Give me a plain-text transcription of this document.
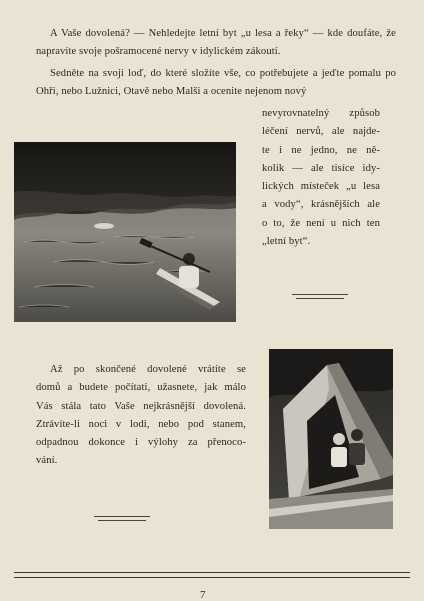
A Vaše dovolená? — Nehledejte letní byt „u lesa a řeky“ — kde doufáte, že napravíte svoje pošramocené nervy v idylickém zákoutí.
Sedněte na svoji loď, do které složíte vše, co potřebujete a jeďte pomalu po Ohři, nebo Lužnici, Otavě nebo Malši a ocenite nejenom nový
nevyrovnatelný způsob
léčení nervů, ale najde-
te i ne jedno, ne ně-
kolik — ale tisíce idy-
lických místeček „u lesa
a vody“, krásnějších ale
o to, že není u nich ten
„letní byt“.
Až po skončené dovolené vrátíte se
domů a budete počítati, užasnete, jak málo
Vás stála tato Vaše nejkrásnější dovolená.
Ztrávíte-li noci v lodi, nebo pod stanem,
odpadnou dokonce i výlohy za přenoco-
vání.
7
